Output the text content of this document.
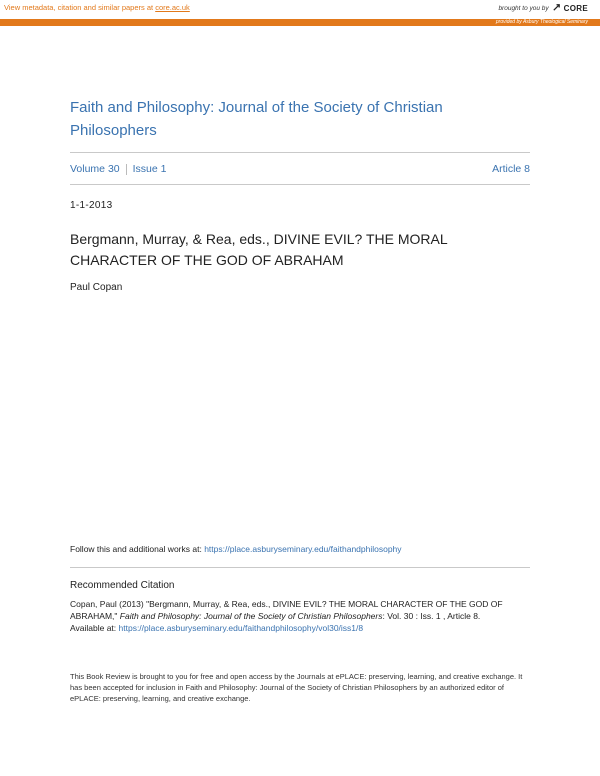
View metadata, citation and similar papers at core.ac.uk	brought to you by CORE
provided by Asbury Theological Seminary
Faith and Philosophy: Journal of the Society of Christian Philosophers
Volume 30 Issue 1	Article 8
1-1-2013
Bergmann, Murray, & Rea, eds., DIVINE EVIL? THE MORAL CHARACTER OF THE GOD OF ABRAHAM
Paul Copan
Follow this and additional works at: https://place.asburyseminary.edu/faithandphilosophy
Recommended Citation
Copan, Paul (2013) "Bergmann, Murray, & Rea, eds., DIVINE EVIL? THE MORAL CHARACTER OF THE GOD OF ABRAHAM," Faith and Philosophy: Journal of the Society of Christian Philosophers: Vol. 30 : Iss. 1 , Article 8.
Available at: https://place.asburyseminary.edu/faithandphilosophy/vol30/iss1/8
This Book Review is brought to you for free and open access by the Journals at ePLACE: preserving, learning, and creative exchange. It has been accepted for inclusion in Faith and Philosophy: Journal of the Society of Christian Philosophers by an authorized editor of ePLACE: preserving, learning, and creative exchange.
